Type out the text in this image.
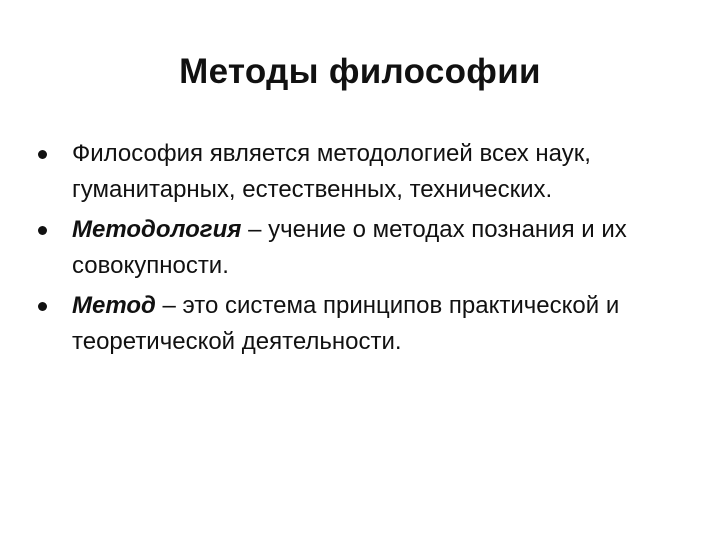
Методы философии
Философия является методологией всех наук, гуманитарных, естественных, технических.
Методология – учение о методах познания и их совокупности.
Метод – это система принципов практической и теоретической деятельности.
